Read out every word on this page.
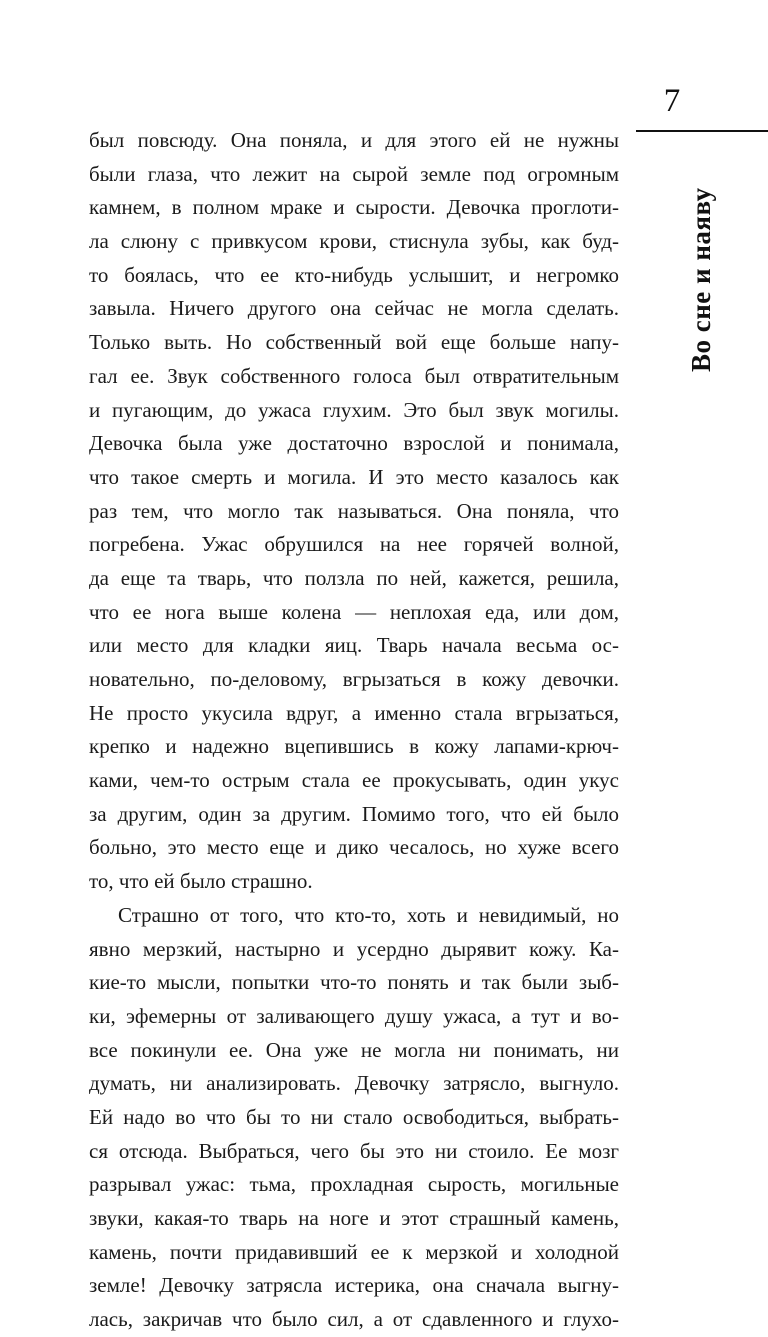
7
Во сне и наяву
был повсюду. Она поняла, и для этого ей не нужны
были глаза, что лежит на сырой земле под огромным
камнем, в полном мраке и сырости. Девочка проглоти-
ла слюну с привкусом крови, стиснула зубы, как буд-
то боялась, что ее кто-нибудь услышит, и негромко
завыла. Ничего другого она сейчас не могла сделать.
Только выть. Но собственный вой еще больше напу-
гал ее. Звук собственного голоса был отвратительным
и пугающим, до ужаса глухим. Это был звук могилы.
Девочка была уже достаточно взрослой и понимала,
что такое смерть и могила. И это место казалось как
раз тем, что могло так называться. Она поняла, что
погребена. Ужас обрушился на нее горячей волной,
да еще та тварь, что ползла по ней, кажется, решила,
что ее нога выше колена — неплохая еда, или дом,
или место для кладки яиц. Тварь начала весьма ос-
новательно, по-деловому, вгрызаться в кожу девочки.
Не просто укусила вдруг, а именно стала вгрызаться,
крепко и надежно вцепившись в кожу лапами-крюч-
ками, чем-то острым стала ее прокусывать, один укус
за другим, один за другим. Помимо того, что ей было
больно, это место еще и дико чесалось, но хуже всего
то, что ей было страшно.
Страшно от того, что кто-то, хоть и невидимый, но
явно мерзкий, настырно и усердно дырявит кожу. Ка-
кие-то мысли, попытки что-то понять и так были зыб-
ки, эфемерны от заливающего душу ужаса, а тут и во-
все покинули ее. Она уже не могла ни понимать, ни
думать, ни анализировать. Девочку затрясло, выгнуло.
Ей надо во что бы то ни стало освободиться, выбрать-
ся отсюда. Выбраться, чего бы это ни стоило. Ее мозг
разрывал ужас: тьма, прохладная сырость, могильные
звуки, какая-то тварь на ноге и этот страшный камень,
камень, почти придавивший ее к мерзкой и холодной
земле! Девочку затрясла истерика, она сначала выгну-
лась, закричав что было сил, а от сдавленного и глухо-
